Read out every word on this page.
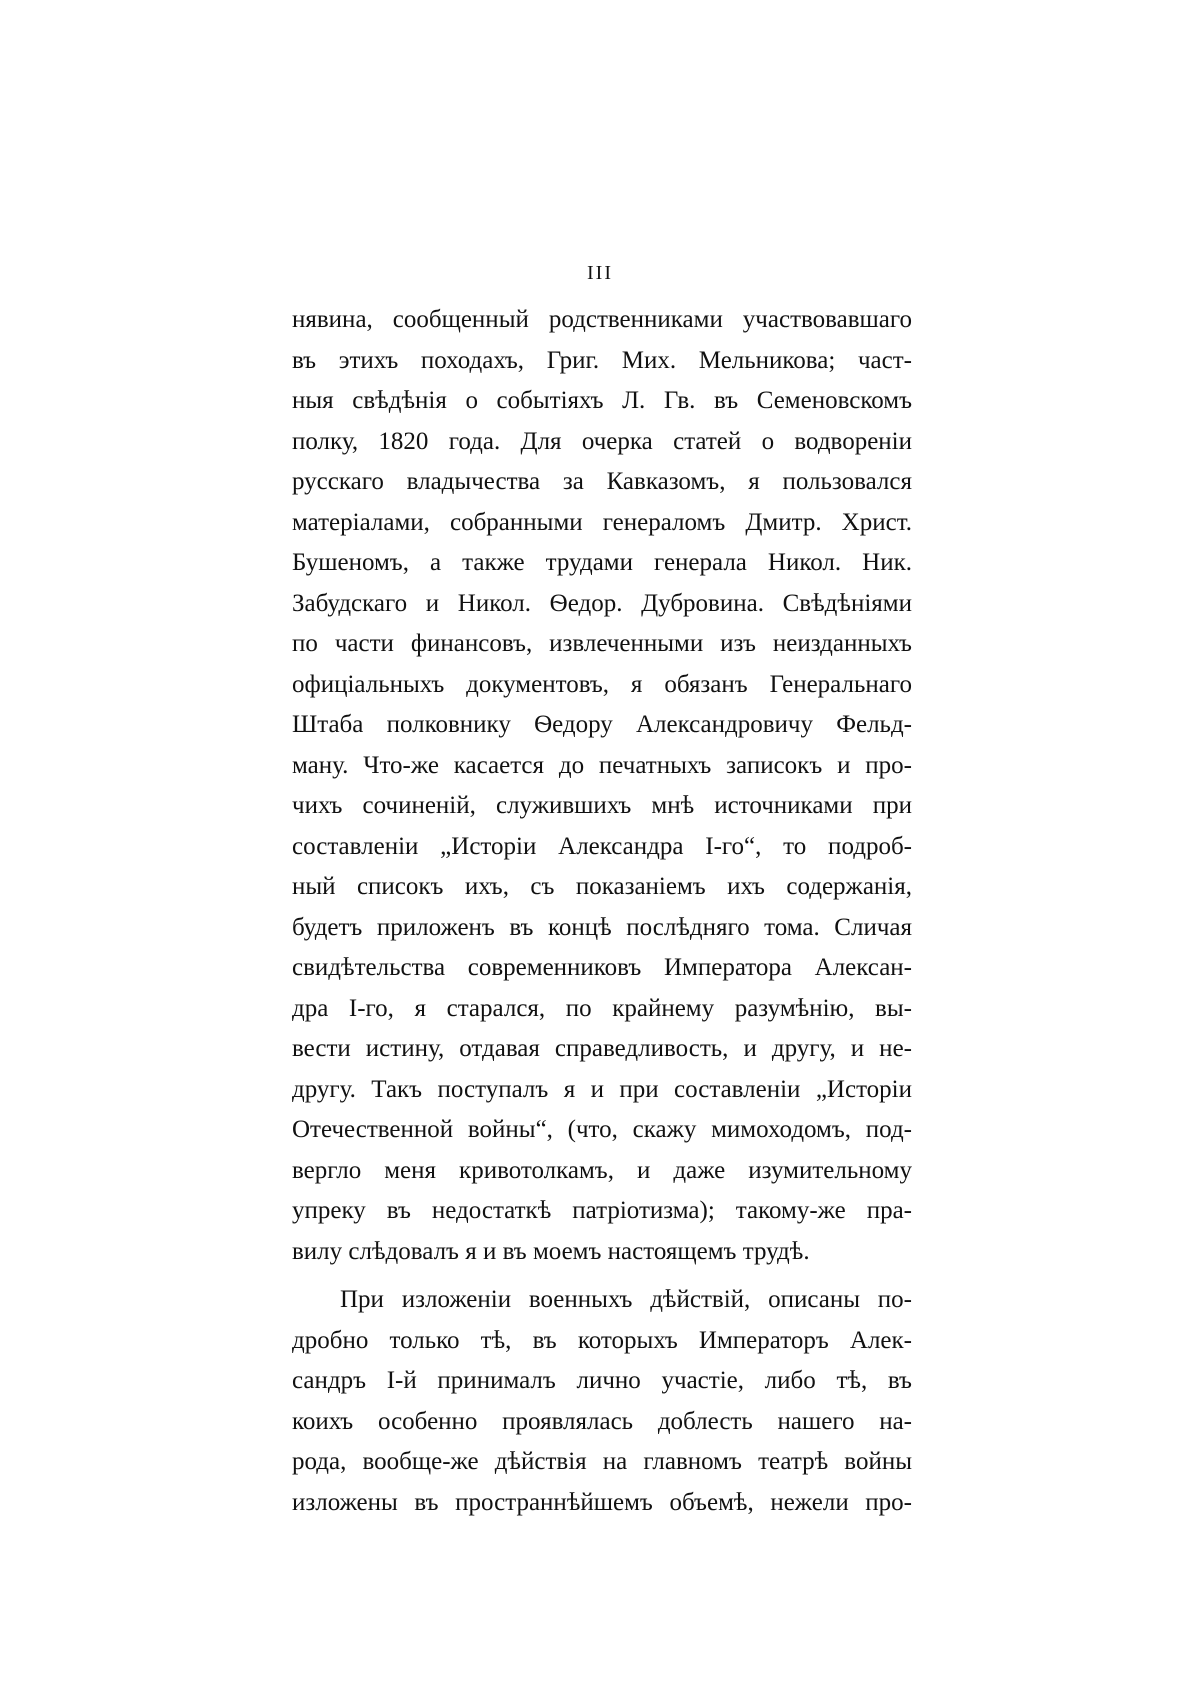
III
нявина, сообщенный родственниками участвовавшаго
въ этихъ походахъ, Григ. Мих. Мельникова; част-
ныя свѣдѣнія о событіяхъ Л. Гв. въ Семеновскомъ
полку, 1820 года. Для очерка статей о водвореніи
русскаго владычества за Кавказомъ, я пользовался
матеріалами, собранными генераломъ Дмитр. Христ.
Бушеномъ, а также трудами генерала Никол. Ник.
Забудскаго и Никол. Ѳедор. Дубровина. Свѣдѣніями
по части финансовъ, извлеченными изъ неизданныхъ
офиціальныхъ документовъ, я обязанъ Генеральнаго
Штаба полковнику Ѳедору Александровичу Фельд-
ману. Что-же касается до печатныхъ записокъ и про-
чихъ сочиненій, служившихъ мнѣ источниками при
составленіи „Исторіи Александра I-го“, то подроб-
ный списокъ ихъ, съ показаніемъ ихъ содержанія,
будетъ приложенъ въ концѣ послѣдняго тома. Сличая
свидѣтельства современниковъ Императора Алексан-
дра I-го, я старался, по крайнему разумѣнію, вы-
вести истину, отдавая справедливость, и другу, и не-
другу. Такъ поступалъ я и при составленіи „Исторіи
Отечественной войны“, (что, скажу мимоходомъ, под-
вергло меня кривотолкамъ, и даже изумительному
упреку въ недостаткѣ патріотизма); такому-же пра-
вилу слѣдовалъ я и въ моемъ настоящемъ трудѣ.
При изложеніи военныхъ дѣйствій, описаны по-
дробно только тѣ, въ которыхъ Императоръ Алек-
сандръ I-й принималъ лично участіе, либо тѣ, въ
коихъ особенно проявлялась доблесть нашего на-
рода, вообще-же дѣйствія на главномъ театрѣ войны
изложены въ пространнѣйшемъ объемѣ, нежели про-
